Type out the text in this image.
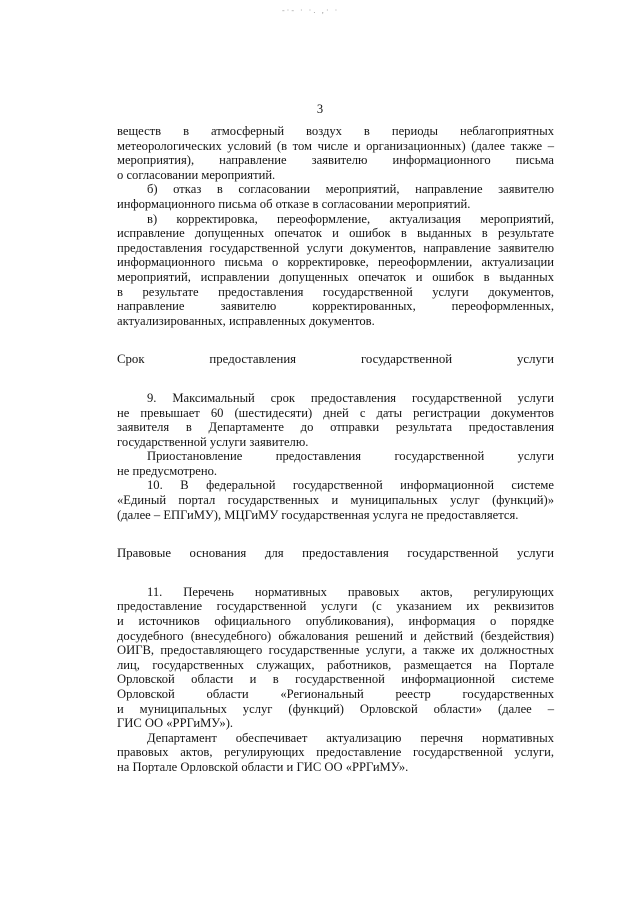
-·- · ·. ‚· ·
3

веществ в атмосферный воздух в периоды неблагоприятных

метеорологических условий (в том числе и организационных) (далее также –

мероприятия), направление заявителю информационного письма

о согласовании мероприятий.

б) отказ в согласовании мероприятий, направление заявителю

информационного письма об отказе в согласовании мероприятий.

в) корректировка, переоформление, актуализация мероприятий,

исправление допущенных опечаток и ошибок в выданных в результате

предоставления государственной услуги документов, направление заявителю

информационного письма о корректировке, переоформлении, актуализации

мероприятий, исправлении допущенных опечаток и ошибок в выданных

в результате предоставления государственной услуги документов,

направление заявителю корректированных, переоформленных,

актуализированных, исправленных документов.

Срок предоставления государственной услуги

9. Максимальный срок предоставления государственной услуги

не превышает 60 (шестидесяти) дней с даты регистрации документов

заявителя в Департаменте до отправки результата предоставления

государственной услуги заявителю.

Приостановление предоставления государственной услуги

не предусмотрено.

10. В федеральной государственной информационной системе

«Единый портал государственных и муниципальных услуг (функций)»

(далее – ЕПГиМУ), МЦГиМУ государственная услуга не предоставляется.

Правовые основания для предоставления государственной услуги

11. Перечень нормативных правовых актов, регулирующих

предоставление государственной услуги (с указанием их реквизитов

и источников официального опубликования), информация о порядке

досудебного (внесудебного) обжалования решений и действий (бездействия)

ОИГВ, предоставляющего государственные услуги, а также их должностных

лиц, государственных служащих, работников, размещается на Портале

Орловской области и в государственной информационной системе

Орловской области «Региональный реестр государственных

и муниципальных услуг (функций) Орловской области» (далее –

ГИС ОО «РРГиМУ»).

Департамент обеспечивает актуализацию перечня нормативных

правовых актов, регулирующих предоставление государственной услуги,

на Портале Орловской области и ГИС ОО «РРГиМУ».
